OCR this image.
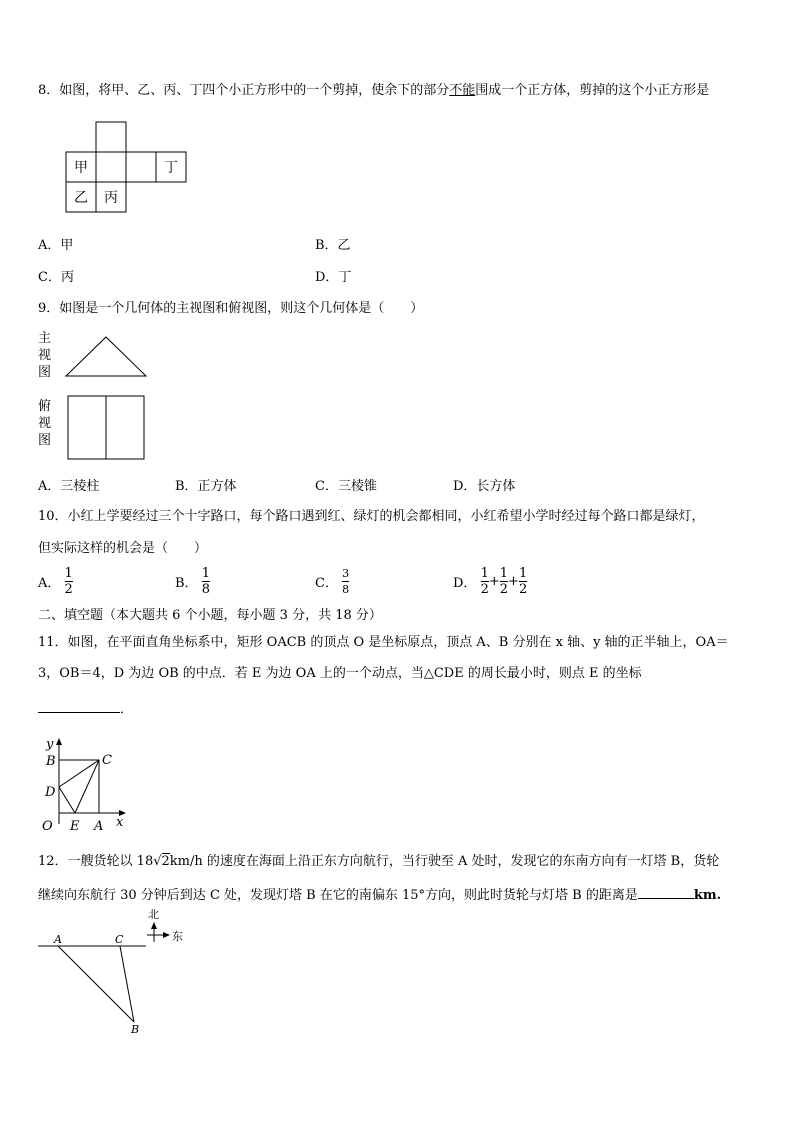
8．如图，将甲、乙、丙、丁四个小正方形中的一个剪掉，使余下的部分不能围成一个正方体，剪掉的这个小正方形是
甲	丁
乙 丙
A．甲	B．乙
C．丙	D．丁
9．如图是一个几何体的主视图和俯视图，则这个几何体是（　　）
主
视
图
俯
视
图
A．三棱柱	B．正方体	C．三棱锥	D．长方体
10．小红上学要经过三个十字路口，每个路口遇到红、绿灯的机会都相同，小红希望小学时经过每个路口都是绿灯，
但实际这样的机会是（　　）
A． $\frac{1}{2}$	B． $\frac{1}{8}$	C． $\frac{3}{8}$	D． $\frac{1}{2} + \frac{1}{2} + \frac{1}{2}$
二、填空题（本大题共 6 个小题，每小题 3 分，共 18 分）
11．如图，在平面直角坐标系中，矩形 OACB 的顶点 O 是坐标原点，顶点 A、B 分别在 x 轴、y 轴的正半轴上，OA＝
3，OB＝4，D 为边 OB 的中点．若 E 为边 OA 上的一个动点，当△CDE 的周长最小时，则点 E 的坐标
．
y
x
B	C
D
O E A
12．一艘货轮以 18√2km/h 的速度在海面上沿正东方向航行，当行驶至 A 处时，发现它的东南方向有一灯塔 B，货轮
继续向东航行 30 分钟后到达 C 处，发现灯塔 B 在它的南偏东 15°方向，则此时货轮与灯塔 B 的距离是	km.
北
东
A	C
B
